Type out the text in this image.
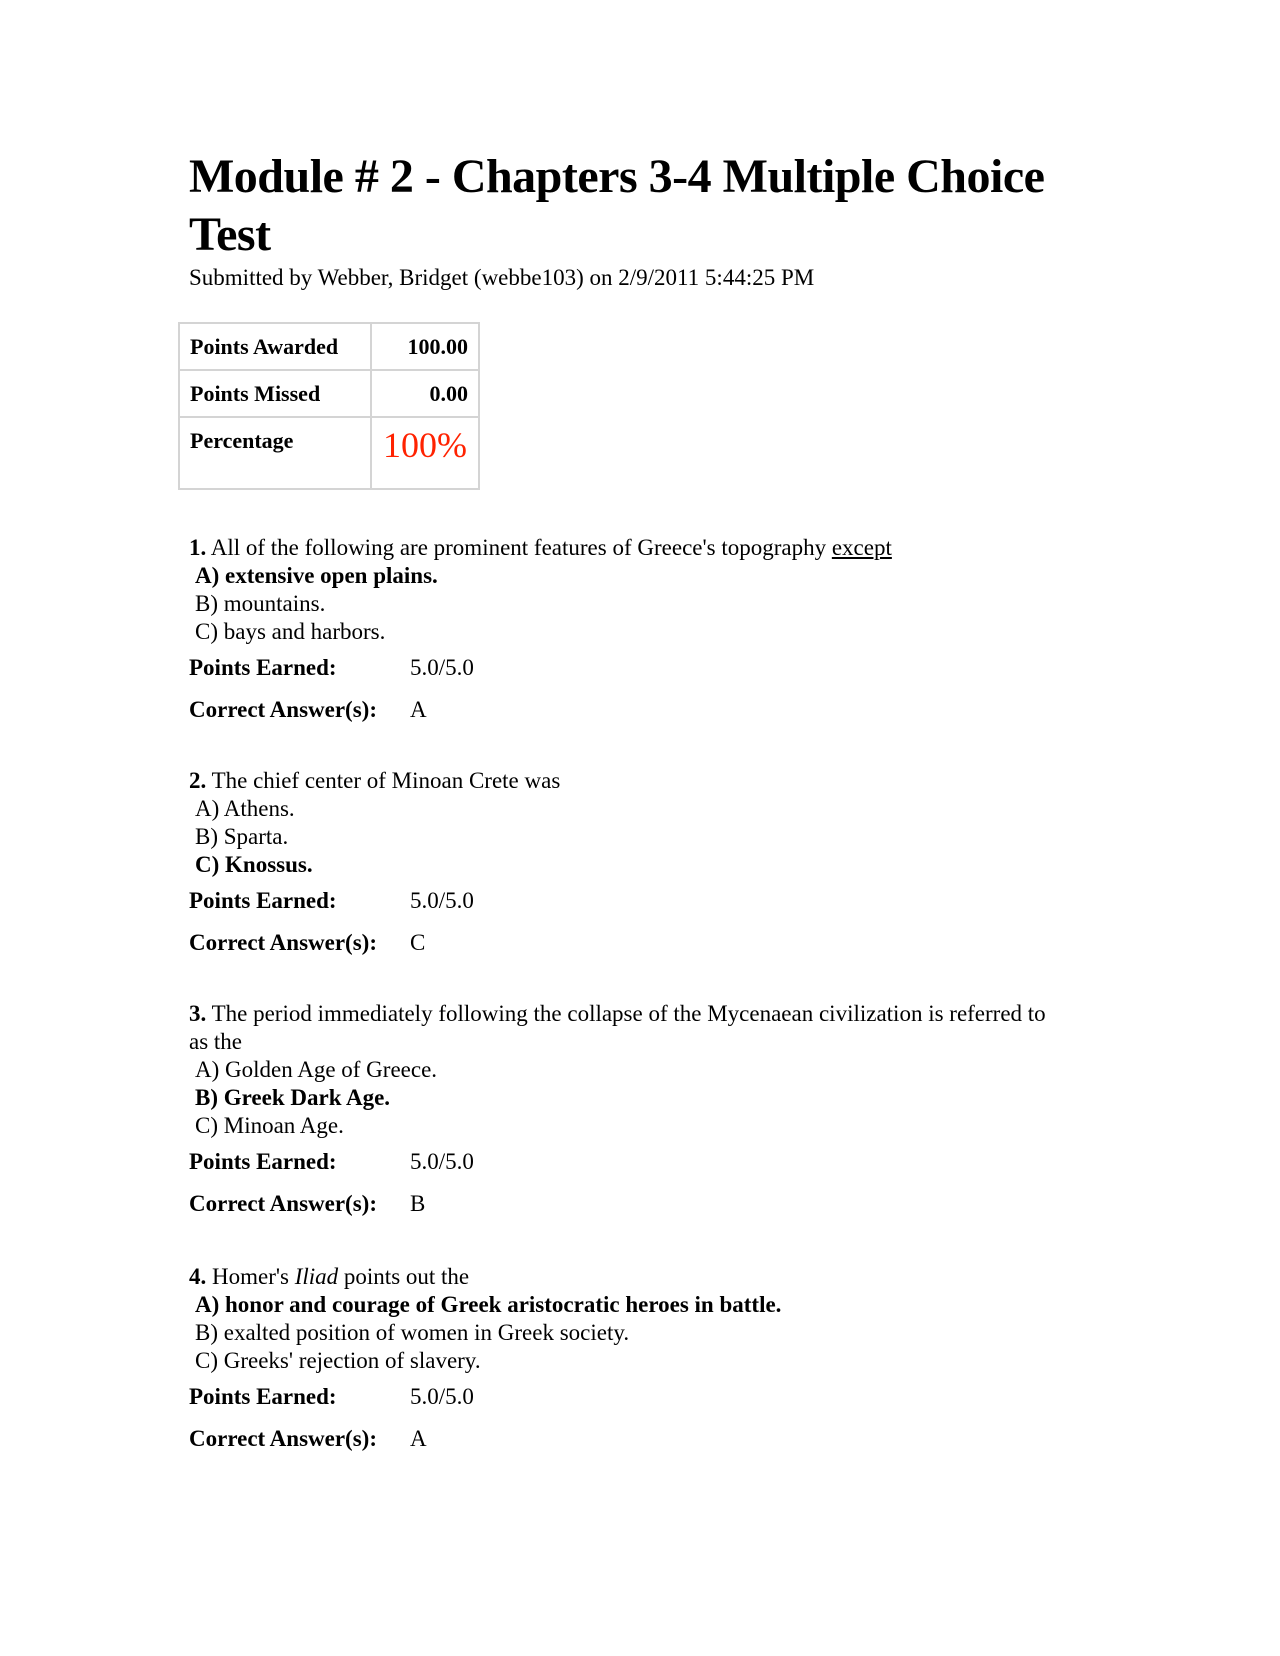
Module # 2 - Chapters 3-4 Multiple Choice Test
Submitted by Webber, Bridget (webbe103) on 2/9/2011 5:44:25 PM
Points Awarded	100.00
Points Missed	0.00
Percentage	100%
1. All of the following are prominent features of Greece's topography except
A) extensive open plains.
B) mountains.
C) bays and harbors.
Points Earned:	5.0/5.0
Correct Answer(s):	A
2. The chief center of Minoan Crete was
A) Athens.
B) Sparta.
C) Knossus.
Points Earned:	5.0/5.0
Correct Answer(s):	C
3. The period immediately following the collapse of the Mycenaean civilization is referred to as the
A) Golden Age of Greece.
B) Greek Dark Age.
C) Minoan Age.
Points Earned:	5.0/5.0
Correct Answer(s):	B
4. Homer's Iliad points out the
A) honor and courage of Greek aristocratic heroes in battle.
B) exalted position of women in Greek society.
C) Greeks' rejection of slavery.
Points Earned:	5.0/5.0
Correct Answer(s):	A
